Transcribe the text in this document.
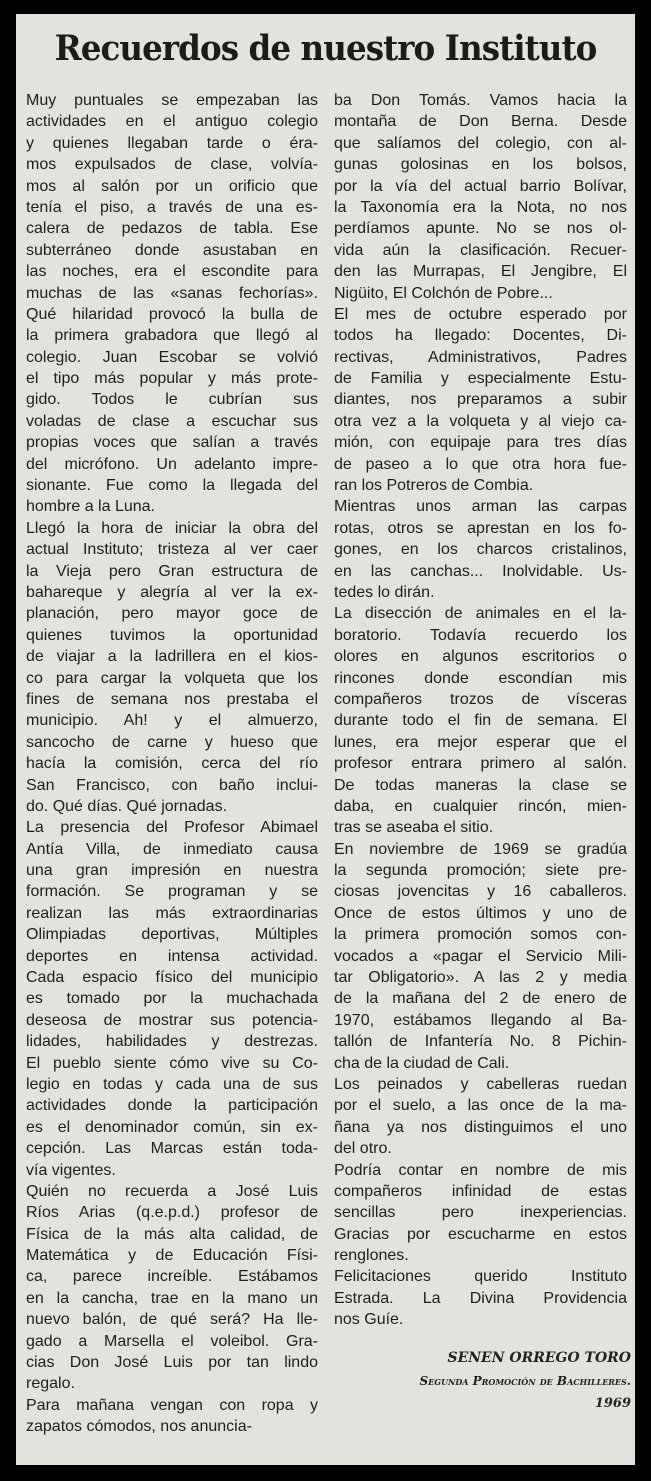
Recuerdos de nuestro Instituto
Muy puntuales se empezaban las
actividades en el antiguo colegio
y quienes llegaban tarde o éra-
mos expulsados de clase, volvía-
mos al salón por un orificio que
tenía el piso, a través de una es-
calera de pedazos de tabla. Ese
subterráneo donde asustaban en
las noches, era el escondite para
muchas de las «sanas fechorías».
Qué hilaridad provocó la bulla de
la primera grabadora que llegó al
colegio. Juan Escobar se volvió
el tipo más popular y más prote-
gido. Todos le cubrían sus
voladas de clase a escuchar sus
propias voces que salían a través
del micrófono. Un adelanto impre-
sionante. Fue como la llegada del
hombre a la Luna.
Llegó la hora de iniciar la obra del
actual Instituto; tristeza al ver caer
la Vieja pero Gran estructura de
bahareque y alegría al ver la ex-
planación, pero mayor goce de
quienes tuvimos la oportunidad
de viajar a la ladrillera en el kios-
co para cargar la volqueta que los
fines de semana nos prestaba el
municipio. Ah! y el almuerzo,
sancocho de carne y hueso que
hacía la comisión, cerca del río
San Francisco, con baño inclui-
do. Qué días. Qué jornadas.
La presencia del Profesor Abimael
Antía Villa, de inmediato causa
una gran impresión en nuestra
formación. Se programan y se
realizan las más extraordinarias
Olimpiadas deportivas, Múltiples
deportes en intensa actividad.
Cada espacio físico del municipio
es tomado por la muchachada
deseosa de mostrar sus potencia-
lidades, habilidades y destrezas.
El pueblo siente cómo vive su Co-
legio en todas y cada una de sus
actividades donde la participación
es el denominador común, sin ex-
cepción. Las Marcas están toda-
vía vigentes.
Quién no recuerda a José Luis
Ríos Arias (q.e.p.d.) profesor de
Física de la más alta calidad, de
Matemática y de Educación Físi-
ca, parece increíble. Estábamos
en la cancha, trae en la mano un
nuevo balón, de qué será? Ha lle-
gado a Marsella el voleibol. Gra-
cias Don José Luis por tan lindo
regalo.
Para mañana vengan con ropa y
zapatos cómodos, nos anuncia-
ba Don Tomás. Vamos hacia la
montaña de Don Berna. Desde
que salíamos del colegio, con al-
gunas golosinas en los bolsos,
por la vía del actual barrio Bolívar,
la Taxonomía era la Nota, no nos
perdíamos apunte. No se nos ol-
vida aún la clasificación. Recuer-
den las Murrapas, El Jengibre, El
Nigüito, El Colchón de Pobre...
El mes de octubre esperado por
todos ha llegado: Docentes, Di-
rectivas, Administrativos, Padres
de Familia y especialmente Estu-
diantes, nos preparamos a subir
otra vez a la volqueta y al viejo ca-
mión, con equipaje para tres días
de paseo a lo que otra hora fue-
ran los Potreros de Combia.
Mientras unos arman las carpas
rotas, otros se aprestan en los fo-
gones, en los charcos cristalinos,
en las canchas... Inolvidable. Us-
tedes lo dirán.
La disección de animales en el la-
boratorio. Todavía recuerdo los
olores en algunos escritorios o
rincones donde escondían mis
compañeros trozos de vísceras
durante todo el fin de semana. El
lunes, era mejor esperar que el
profesor entrara primero al salón.
De todas maneras la clase se
daba, en cualquier rincón, mien-
tras se aseaba el sitio.
En noviembre de 1969 se gradúa
la segunda promoción; siete pre-
ciosas jovencitas y 16 caballeros.
Once de estos últimos y uno de
la primera promoción somos con-
vocados a «pagar el Servicio Mili-
tar Obligatorio». A las 2 y media
de la mañana del 2 de enero de
1970, estábamos llegando al Ba-
tallón de Infantería No. 8 Pichin-
cha de la ciudad de Cali.
Los peinados y cabelleras ruedan
por el suelo, a las once de la ma-
ñana ya nos distinguimos el uno
del otro.
Podría contar en nombre de mis
compañeros infinidad de estas
sencillas pero inexperiencias.
Gracias por escucharme en estos
renglones.
Felicitaciones querido Instituto
Estrada. La Divina Providencia
nos Guíe.
SENEN ORREGO TORO
Segunda Promoción de Bachilleres.
1969
